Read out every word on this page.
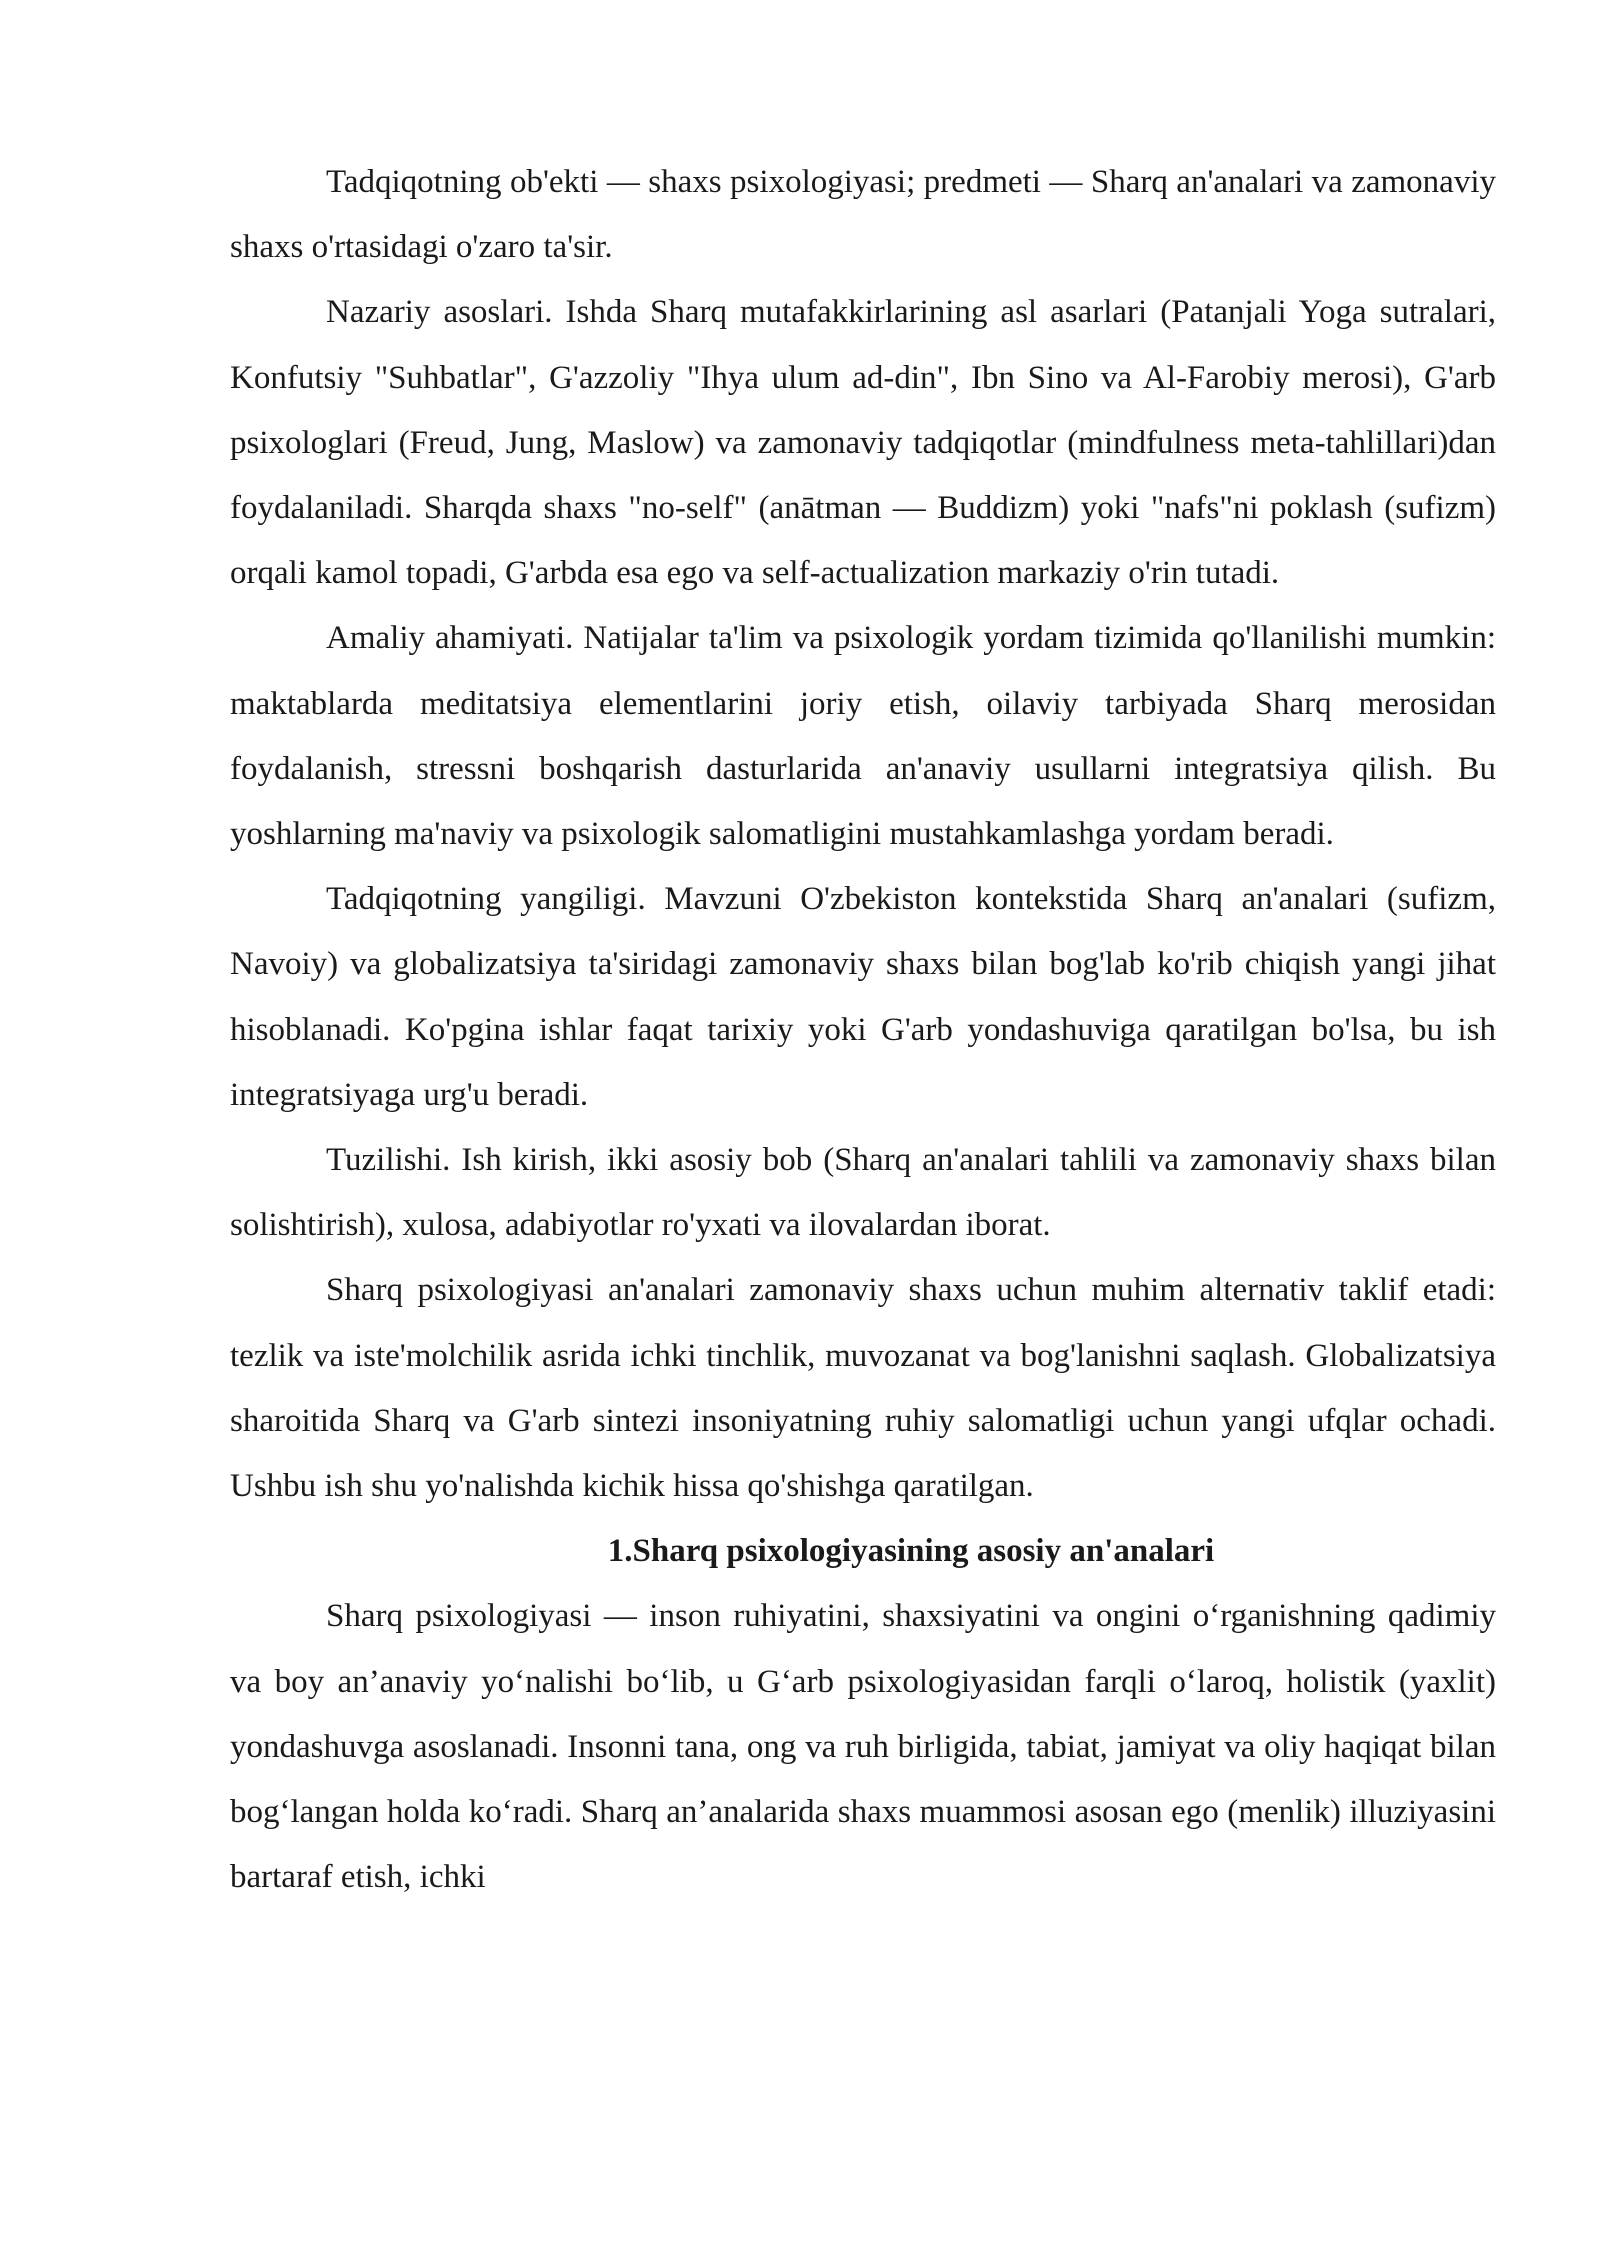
Tadqiqotning ob'ekti — shaxs psixologiyasi; predmeti — Sharq an'analari va zamonaviy shaxs o'rtasidagi o'zaro ta'sir.

Nazariy asoslari. Ishda Sharq mutafakkirlarining asl asarlari (Patanjali Yoga sutralari, Konfutsiy "Suhbatlar", G'azzoliy "Ihya ulum ad-din", Ibn Sino va Al-Farobiy merosi), G'arb psixologlari (Freud, Jung, Maslow) va zamonaviy tadqiqotlar (mindfulness meta-tahlillari)dan foydalaniladi. Sharqda shaxs "no-self" (anātman — Buddizm) yoki "nafs"ni poklash (sufizm) orqali kamol topadi, G'arbda esa ego va self-actualization markaziy o'rin tutadi.

Amaliy ahamiyati. Natijalar ta'lim va psixologik yordam tizimida qo'llanilishi mumkin: maktablarda meditatsiya elementlarini joriy etish, oilaviy tarbiyada Sharq merosidan foydalanish, stressni boshqarish dasturlarida an'anaviy usullarni integratsiya qilish. Bu yoshlarning ma'naviy va psixologik salomatligini mustahkamlashga yordam beradi.

Tadqiqotning yangiligi. Mavzuni O'zbekiston kontekstida Sharq an'analari (sufizm, Navoiy) va globalizatsiya ta'siridagi zamonaviy shaxs bilan bog'lab ko'rib chiqish yangi jihat hisoblanadi. Ko'pgina ishlar faqat tarixiy yoki G'arb yondashuviga qaratilgan bo'lsa, bu ish integratsiyaga urg'u beradi.

Tuzilishi. Ish kirish, ikki asosiy bob (Sharq an'analari tahlili va zamonaviy shaxs bilan solishtirish), xulosa, adabiyotlar ro'yxati va ilovalardan iborat.

Sharq psixologiyasi an'analari zamonaviy shaxs uchun muhim alternativ taklif etadi: tezlik va iste'molchilik asrida ichki tinchlik, muvozanat va bog'lanishni saqlash. Globalizatsiya sharoitida Sharq va G'arb sintezi insoniyatning ruhiy salomatligi uchun yangi ufqlar ochadi. Ushbu ish shu yo'nalishda kichik hissa qo'shishga qaratilgan.

1.Sharq psixologiyasining asosiy an'analari

Sharq psixologiyasi — inson ruhiyatini, shaxsiyatini va ongini o‘rganishning qadimiy va boy an’anaviy yo‘nalishi bo‘lib, u G‘arb psixologiyasidan farqli o‘laroq, holistik (yaxlit) yondashuvga asoslanadi. Insonni tana, ong va ruh birligida, tabiat, jamiyat va oliy haqiqat bilan bog‘langan holda ko‘radi. Sharq an’analarida shaxs muammosi asosan ego (menlik) illuziyasini bartaraf etish, ichki
